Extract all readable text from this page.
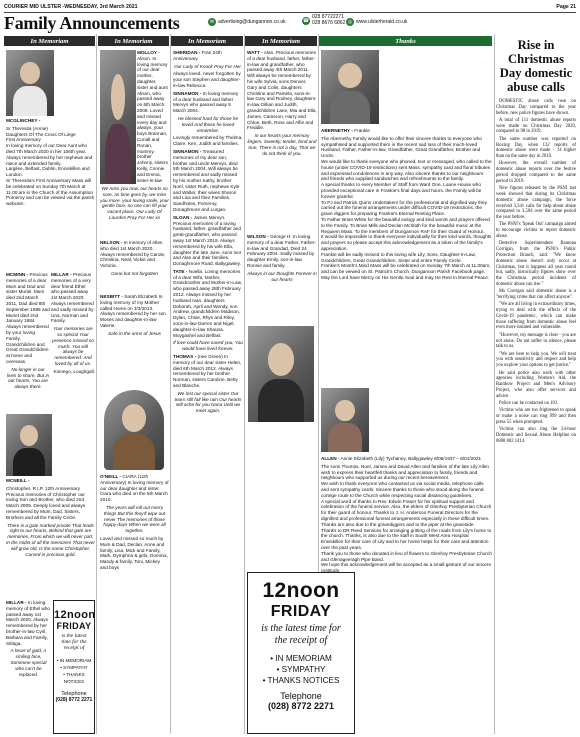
COURIER MID ULSTER -WEDNESDAY, 3rd March 2021	Page 21
Family Announcements	✉ advertising@dungannon.co.uk	☎
028 87722271
028 8676 6862 ◎ www.ulsterherald.co.uk
In Memoriam	In Memoriam	In Memoriam	In Memoriam	Thanks

MCGLINCHEY -

Sr Theresita (Annie)
Daughters Of The Cross Of Liege
First Anniversary
In loving memory of our Dear Aunt who died 7th March 2020 in her 106th year.
Always remembered by her nephews and niece and extended family.
Largilee, Belfast, Dublin, Enniskillen and London.
Sr Theresita's First Anniversary Mass will be celebrated on Sunday 7th March at 11.00 am in the Church of the Assumption Pomeroy and can be viewed via the parish webcam.

MCMINN - Precious memories of a dear Mum and Dad and sister Muriel. Mum died 2nd March 2011, Dad died 8th September 1988 and Muriel died 2nd January 1984. Always remembered by your loving Family, Grandchildren and Great Grandchildren at home and overseas.

No longer in our lives to share, But in our hearts, You are always there.

MILLAR - Precious memories of a very dear friend Ethel who passed away 1st March 2020. Always remembered and sadly missed by Una, Norman and Family.

Your memories are so special Your presence missed so much. You will always be remembered. And loved by all of us.

Kinnego, Loughgall.

MCNEILL -

Christopher, R.I.P. 12th Anniversary
Precious memories of Christopher our loving Son and Brother, who died 2nd March 2009. Deeply loved and always remembered by Mum, Dad, Sisters, Brothers and all the Family Circle.

There is a gate marked private That leads right to our hearts, Behind that gate are memories, From which we will never part.
In the midst of all the memories That never will grow old, Is the name Christopher, Carved in precious gold.

MILLAR - In loving memory of Ethel who passed away 1st March 2020. Always remembered by her brother-in-law Cyril, Barbara and Family, Stilaga.

A heart of gold, A smiling face, Someone special who can't be replaced.

12noon
FRIDAY
is the latest time for the receipt of
• IN MEMORIAM
• SYMPATHY
• THANKS NOTICES
Telephone
(028) 8772 2271

MOLLOY - Alison. In loving memory of our dear mother, daughter, sister and aunt Alison, who passed away on 6th March 2008. Loved and missed every day and always, your boys Brannan, Conall and Ronan, mummy, brother Johnny, sisters Kelly, Connie and Emma, sister-in-law

We miss you now, our hearts so sore, as time goes by, we miss you more. your loving smile, your gentle face, no one can fill your vacant place. Our Lady Of Lourdes Pray For Her xx

NELSON - In memory of Allen who died 1st March 2020. Always remembered by Carole, Christina, Neal, Vickie and Victoria.

Gone but not forgotten

NESBITT - Sarah Elizabeth In loving memory of my Mother called Home on 3/3/2013. Always remembered by her son Moses and daughter-in-law Valerie.

Safe in the arms of Jesus

O'NEILL - CIARA (11th Anniversary) In loving memory of our dear daughter and sister Ciara who died on the 5th March 2010.

The years will roll out merry things But this they'll wipe out never The memories of those happy days When we were all together.

Loved and missed so much by Mum & Dad, Declan, Anne and family, Lisa, Mick and Family, Mark, Dymphna & girls, Dominic, Mandy & family, Toni, Mickey and boys

SHERIDAN - Fran 24th Anniversary.

Our Lady of Knock Pray For Her.

Always loved, never forgotten by your son Stephen and daughter-in-law Rebecca.

SINNAMON - In loving memory of a dear husband and father Mervyn who passed away 5 March 2004.

He blessed hard for those he loved And those he loved remember.

Lovingly remembered by Thelma, Claire, Ken, Judith and families.

SINNAMON - Treasured memories of my dear son, brother and uncle Mervyn, died 5th March 2004. Will always be remembered and sadly missed by his mother Kathy, brother Noel, sister Ruth, nephews Kyle and Walter, their wives Sharon and Lisa and their Families. Sandholes, Pomeroy, Donaghmore and Lurgan.

SLOAN - James Mervyn. Precious memories of a loving husband, father, grandfather and great-grandfather, who passed away 1st March 2019. Always remembered by his wife Ella, daughter the late June, sons Ivor and Alan and their families. Donaghmore Road, Ballygawley.

TATE - Noella. Loving memories of a dear Wife, Mother, Grandmother and Mother-in-Law, who passed away 28th February 2012. Always missed by her husband Ivan, daughters Deborah, April and Wendy, son Andrew, grandchildren Madison, Dylan, Chloe, Rhys and Riley, sons-in-law Darren and Nigel, daughter-in-law Shauna. Moygashel and Belfast.

If love could have saved you, You would have lived forever.

THOMAS - (nee Green) In memory of our dear sister Helen, died 6th March 2012. Always remembered by her brother Norman, sisters Caroline, Betty and Blanche.

We lost our special sister Our tears still fall like rain Our hearts still ache for you Nana Until we meet again.

WATT - Alan. Precious memories of a dear husband, father, father-in-law and grandfather, who passed away 4th March 2011. Will always be remembered by his wife Sylvia, sons Denver, Gary and Colin, daughters Christine and Pamela, sons-in-law Gary and Rodney, daughters-in-law Gillian and Judith, grandchildren Lane, Mia and Ella, James, Cameron, Harry and Chloe, Beth, Ross and Alfie and Freddie.

In our hearts your memory lingers, Sweetly, tender, fond and true, There is not a day, That we do not think of you.

WILSON - George H. In loving memory of a dear Father, Father-in-law and Grandad, Died 24 February 2004. Sadly missed by daughter Emily, son-in-law Ronnie and family.

Always in our thoughts Forever in our hearts

12noon
FRIDAY
is the latest time for the receipt of
• IN MEMORIAM
• SYMPATHY
• THANKS NOTICES
Telephone
(028) 8772 2271

ABERNETHY - Frankie

The Abernethy Family would like to offer their sincere thanks to everyone who sympathised and supported them in the recent sad loss of their much-loved Husband, Father, Father-in-law, Grandfather, Great Grandfather, Brother and Uncle.
We would like to thank everyone who phoned, text or messaged, who called to the house (under COVID-19 restrictions) sent Mass, sympathy card and floral tributes and expressed condolences in any way. Also sincere thanks to our neighbours and friends who supplied sandwiches and refreshments to the family.
A special thanks to every Member of Staff from Ward One, Loane House who provided exceptional care in Frankie's final days and hours. the Family will be forever grateful.
To PJ and Patrick Quinn Undertakers for the professional and dignified way they carried out the funeral arrangements under difficult COVID-19 restrictions, the grave diggers for preparing Frankie's Eternal Resting Place.
To Father Brian White for the beautiful eulogy and kind words and prayers offered to the Family. To Brian Mills and Declan McIlrath for the beautiful music at the Requiem Mass. To the members of Dungannon RAF for their Guard of Honour.
It would be impossible to thank everyone individually for their kind words, thoughts and prayers so please accept this acknowledgement as a token of the family's appreciation.
Frankie will be sadly missed to this loving wife Lily, Sons, Daughter-in-Law, Grandchildren, Great Grandchildren, Sister and entire Family Circle.
Frankie's Month's Mind Mass will be celebrated on Sunday 7th March at 11.00am, and can be viewed on St. Patrick's Church, Dungannon Parish Facebook page.
May the Lord have Mercy on His Gentle Soul and may He Rest In Eternal Peace.

ALLEN - Annie Elizabeth (Lily) Tychaney, Ballygawley 8/08/1937 – 6/01/2021

The sons Thomas, Noel, James and David Allen and families of the late Lily Allen wish to express their heartfelt thanks and appreciation to family, friends and neighbours who supported us during our recent bereavement.
We wish to thank everyone who contacted us via social media, telephone calls and sent sympathy cards. Sincere thanks to those who stood along the funeral cortege route to the Church while respecting social distancing guidelines.
A special word of thanks to Rev. Edwin Fraser for his spiritual support and celebration of the funeral service. Also, the elders of Glenhoy Presbyterian Church for their guard of honour. Thanks to J. H. Anderson Funeral Directors for the dignified and professional funeral arrangements especially in these difficult times. Thanks are also due to the gravediggers and to the piper at the graveside.
Thanks to DR Reed Services for arranging gritting of the roads from Lily's home to the church. Thanks, is also due to the staff in South West Area Hospital Enniskillen for their care of Lily and to her home helps for their care and attention over the past years.
Thank you to those who donated in lieu of flowers to Glenhoy Presbyterian Church and Glenageeragh Pipe Band.
We hope this acknowledgement will be accepted as a small gesture of our sincere gratitude.

Rise in Christmas Day domestic abuse calls

DOMESTIC abuse calls rose on Christmas Day compared to the year before, new police figures have shown.

A total of 111 domestic abuse reports were made on Christmas Day 2020, compared to 98 in 2019.

The same number was reported on Boxing Day, when 132 reports of domestic abuse were made - 14 higher than on the same day in 2019.

However, the overall number of domestic abuse reports over the festive period dropped compared to the same period in 2019.

New figures released by the PSNI last week showed that during its Christmas domestic abuse campaign, the force received 3,341 calls for help about abuse compared to 3,504 over the same period the year before.

The PSNI's 'Speak Out' campaign aimed to encourage victims to report domestic abuse.

Detective Superintendent Ramona Corrigan, from the PSNI's Public Protection Branch, said: "We know domestic abuse doesn't only occur at Christmas, but it happens all year round but, sadly, historically figures show over the Christmas period incidents of domestic abuse can rise."

Ms Corrigan said domestic abuse is a "terrifying crime that can affect anyone".

"We are all living in extraordinary times, trying to deal with the effects of the Covid-19 pandemic, which can make those suffering from domestic abuse feel even more isolated and vulnerable.

"However, my message is clear - you are not alone. Do not suffer in silence, please talk to us.

"We are here to help you. We will treat you with sensitivity and respect and help you explore your options to get justice."

He said police also work with other agencies including Women's Aid, the Rainbow Project and Men's Advisory Project, who also offer services and advice.

Police can be contacted on 101.

Victims who are too frightened to speak or make a noise can ring 999 and then press 55 when prompted.

Victims can also ring the 24-hour Domestic and Sexual Abuse Helpline on 0808 802 1414.
